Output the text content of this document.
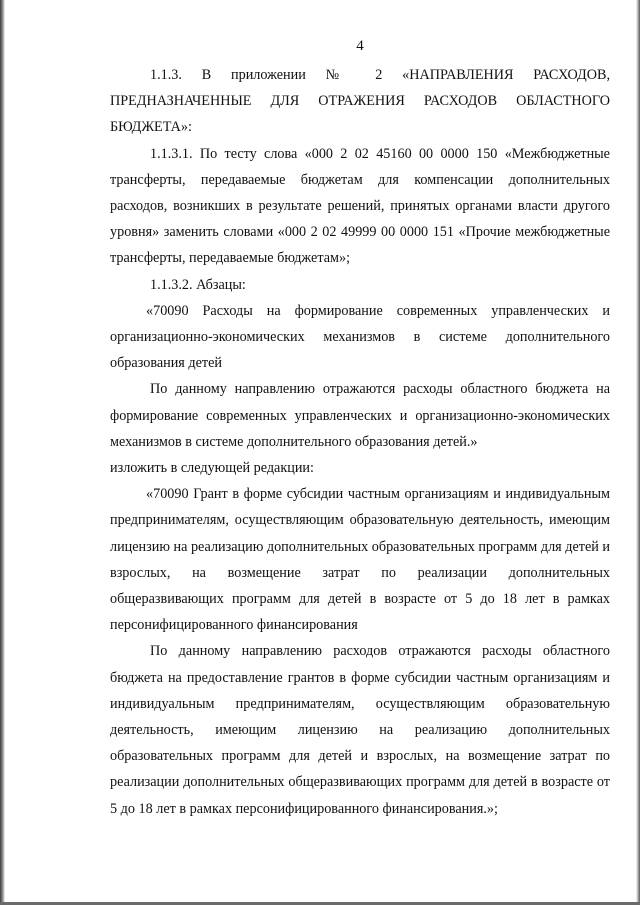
4

1.1.3. В приложении № 2 «НАПРАВЛЕНИЯ РАСХОДОВ, ПРЕДНАЗНАЧЕННЫЕ ДЛЯ ОТРАЖЕНИЯ РАСХОДОВ ОБЛАСТНОГО БЮДЖЕТА»:

1.1.3.1. По тесту слова «000 2 02 45160 00 0000 150 «Межбюджетные трансферты, передаваемые бюджетам для компенсации дополнительных расходов, возникших в результате решений, принятых органами власти другого уровня» заменить словами «000 2 02 49999 00 0000 151 «Прочие межбюджетные трансферты, передаваемые бюджетам»;

1.1.3.2. Абзацы:

«70090 Расходы на формирование современных управленческих и организационно-экономических механизмов в системе дополнительного образования детей

По данному направлению отражаются расходы областного бюджета на формирование современных управленческих и организационно-экономических механизмов в системе дополнительного образования детей.»

изложить в следующей редакции:

«70090 Грант в форме субсидии частным организациям и индивидуальным предпринимателям, осуществляющим образовательную деятельность, имеющим лицензию на реализацию дополнительных образовательных программ для детей и взрослых, на возмещение затрат по реализации дополнительных общеразвивающих программ для детей в возрасте от 5 до 18 лет в рамках персонифицированного финансирования

По данному направлению расходов отражаются расходы областного бюджета на предоставление грантов в форме субсидии частным организациям и индивидуальным предпринимателям, осуществляющим образовательную деятельность, имеющим лицензию на реализацию дополнительных образовательных программ для детей и взрослых, на возмещение затрат по реализации дополнительных общеразвивающих программ для детей в возрасте от 5 до 18 лет в рамках персонифицированного финансирования.»;
